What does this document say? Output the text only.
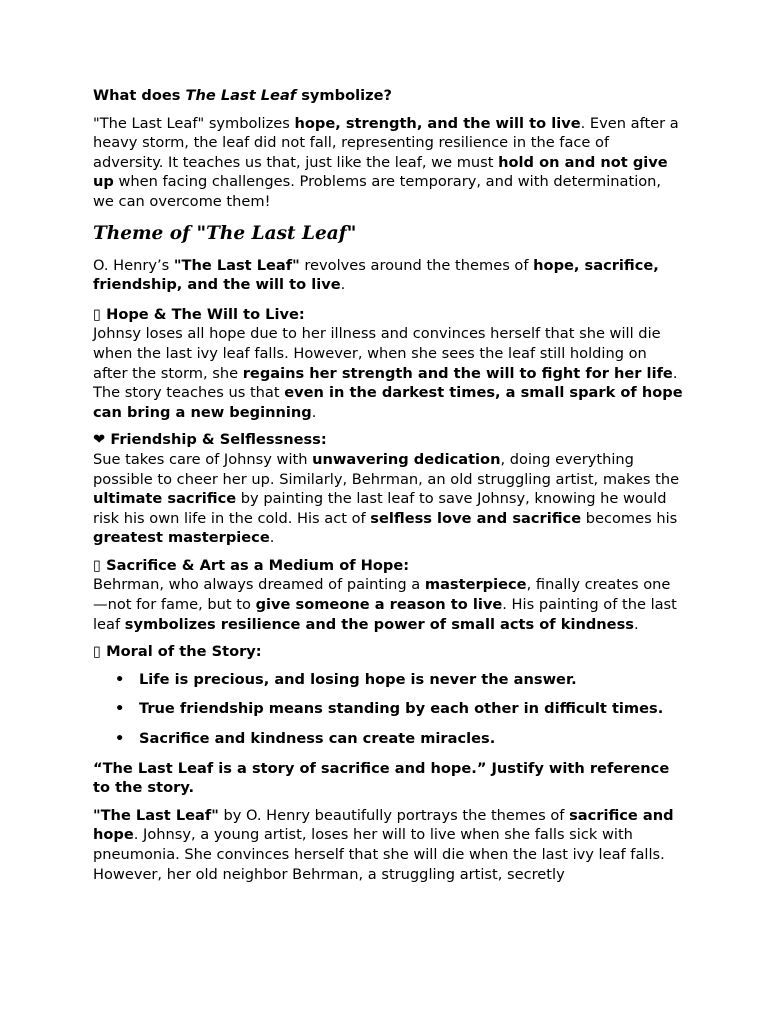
What does The Last Leaf symbolize?

"The Last Leaf" symbolizes hope, strength, and the will to live. Even after a heavy storm, the leaf did not fall, representing resilience in the face of adversity. It teaches us that, just like the leaf, we must hold on and not give up when facing challenges. Problems are temporary, and with determination, we can overcome them!

Theme of "The Last Leaf"

O. Henry’s "The Last Leaf" revolves around the themes of hope, sacrifice, friendship, and the will to live.

▯ Hope & The Will to Live:

Johnsy loses all hope due to her illness and convinces herself that she will die when the last ivy leaf falls. However, when she sees the leaf still holding on after the storm, she regains her strength and the will to fight for her life. The story teaches us that even in the darkest times, a small spark of hope can bring a new beginning.

❤ Friendship & Selflessness:

Sue takes care of Johnsy with unwavering dedication, doing everything possible to cheer her up. Similarly, Behrman, an old struggling artist, makes the ultimate sacrifice by painting the last leaf to save Johnsy, knowing he would risk his own life in the cold. His act of selfless love and sacrifice becomes his greatest masterpiece.

▯ Sacrifice & Art as a Medium of Hope:

Behrman, who always dreamed of painting a masterpiece, finally creates one—not for fame, but to give someone a reason to live. His painting of the last leaf symbolizes resilience and the power of small acts of kindness.

▯ Moral of the Story:
• Life is precious, and losing hope is never the answer.
• True friendship means standing by each other in difficult times.
• Sacrifice and kindness can create miracles.

“The Last Leaf is a story of sacrifice and hope.” Justify with reference to the story.

"The Last Leaf" by O. Henry beautifully portrays the themes of sacrifice and hope. Johnsy, a young artist, loses her will to live when she falls sick with pneumonia. She convinces herself that she will die when the last ivy leaf falls. However, her old neighbor Behrman, a struggling artist, secretly
